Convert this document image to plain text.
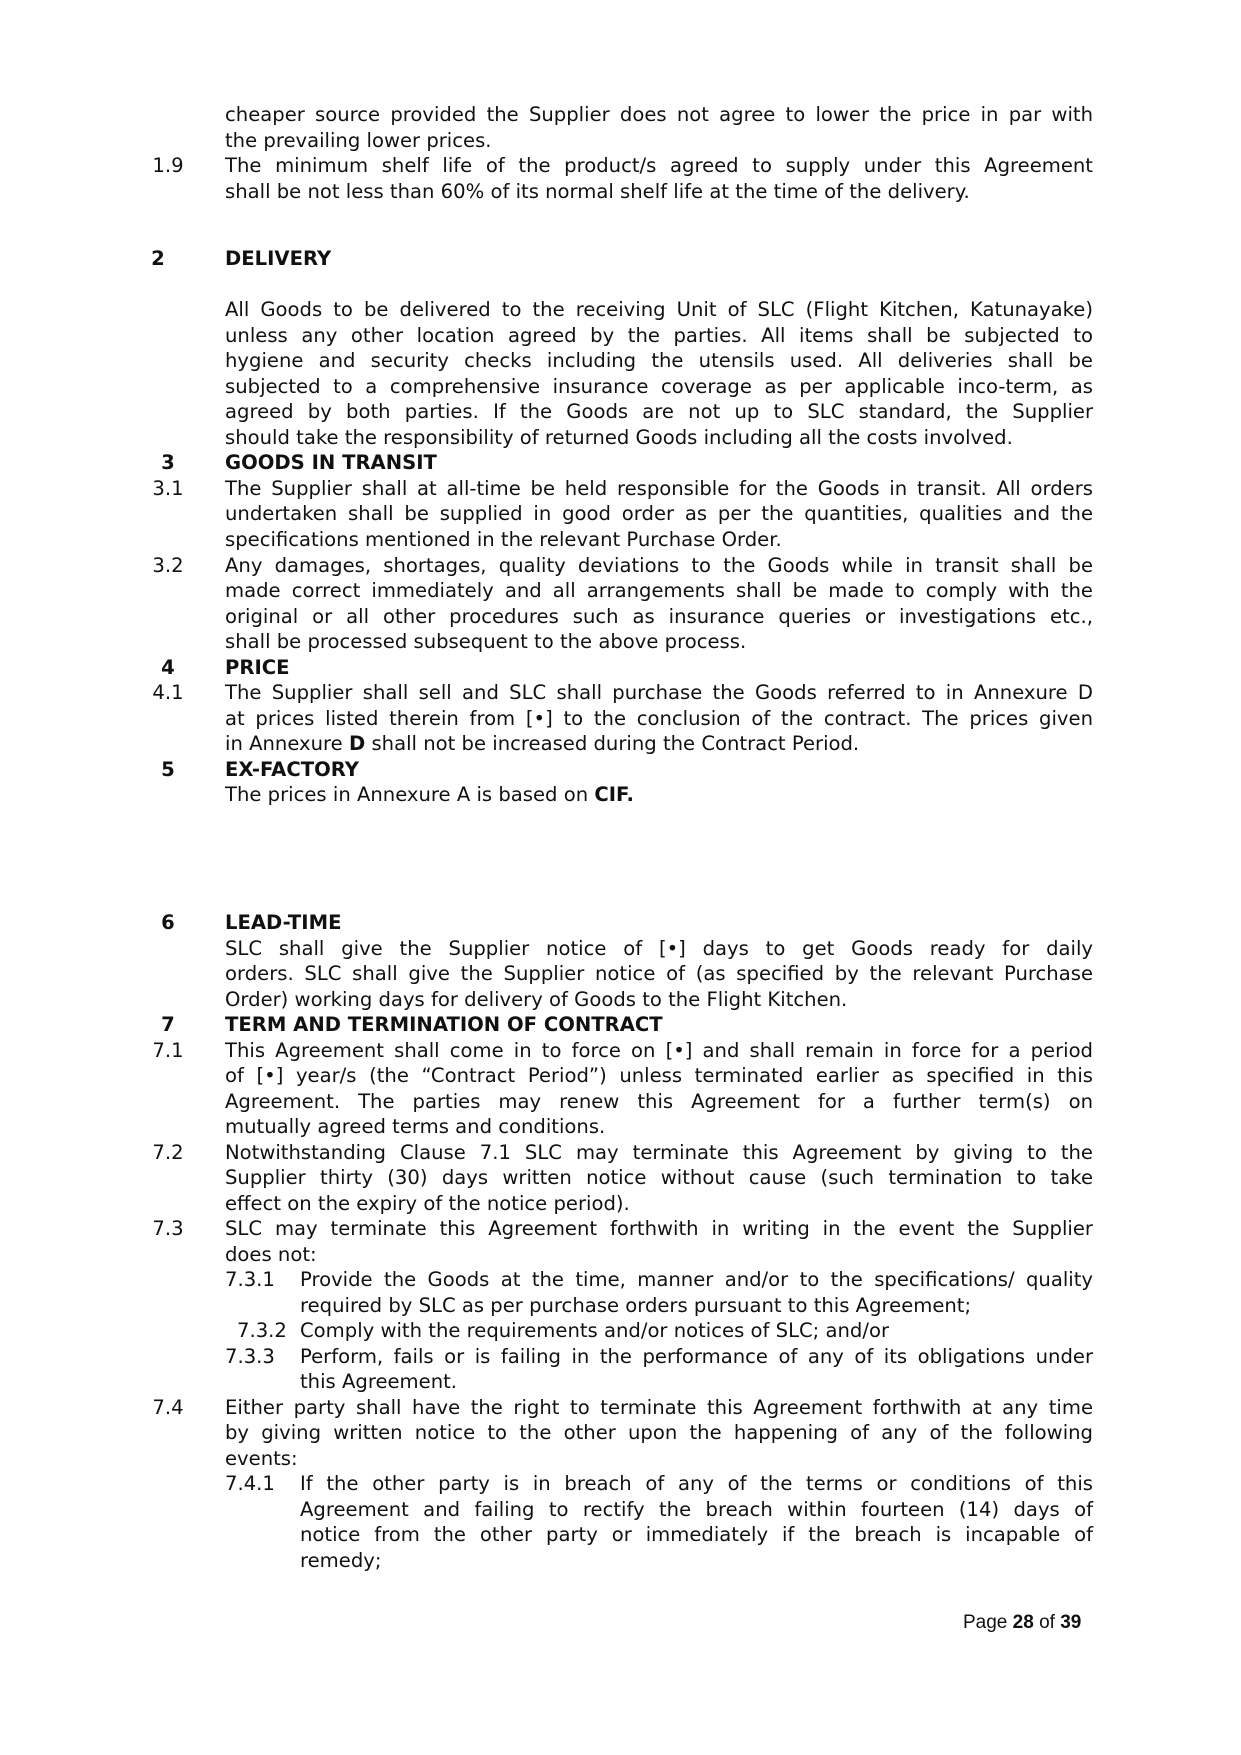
cheaper source provided the Supplier does not agree to lower the price in par with

the prevailing lower prices.

1.9	The minimum shelf life of the product/s agreed to supply under this Agreement

shall be not less than 60% of its normal shelf life at the time of the delivery.

2	DELIVERY

All Goods to be delivered to the receiving Unit of SLC (Flight Kitchen, Katunayake)

unless any other location agreed by the parties. All items shall be subjected to

hygiene and security checks including the utensils used. All deliveries shall be

subjected to a comprehensive insurance coverage as per applicable inco-term, as

agreed by both parties. If the Goods are not up to SLC standard, the Supplier

should take the responsibility of returned Goods including all the costs involved.

3	GOODS IN TRANSIT

3.1	The Supplier shall at all-time be held responsible for the Goods in transit. All orders

undertaken shall be supplied in good order as per the quantities, qualities and the

specifications mentioned in the relevant Purchase Order.

3.2	Any damages, shortages, quality deviations to the Goods while in transit shall be

made correct immediately and all arrangements shall be made to comply with the

original or all other procedures such as insurance queries or investigations etc.,

shall be processed subsequent to the above process.

4	PRICE

4.1	The Supplier shall sell and SLC shall purchase the Goods referred to in Annexure D

at prices listed therein from [•] to the conclusion of the contract. The prices given

in Annexure D shall not be increased during the Contract Period.

5	EX-FACTORY

The prices in Annexure A is based on CIF.

6	LEAD-TIME

SLC shall give the Supplier notice of [•] days to get Goods ready for daily

orders. SLC shall give the Supplier notice of (as specified by the relevant Purchase

Order) working days for delivery of Goods to the Flight Kitchen.

7	TERM AND TERMINATION OF CONTRACT

7.1	This Agreement shall come in to force on [•] and shall remain in force for a period

of [•] year/s (the “Contract Period”) unless terminated earlier as specified in this

Agreement. The parties may renew this Agreement for a further term(s) on

mutually agreed terms and conditions.

7.2	Notwithstanding Clause 7.1 SLC may terminate this Agreement by giving to the

Supplier thirty (30) days written notice without cause (such termination to take

effect on the expiry of the notice period).

7.3	SLC may terminate this Agreement forthwith in writing in the event the Supplier

does not:

7.3.1 Provide the Goods at the time, manner and/or to the specifications/ quality

required by SLC as per purchase orders pursuant to this Agreement;

7.3.2 Comply with the requirements and/or notices of SLC; and/or

7.3.3 Perform, fails or is failing in the performance of any of its obligations under

this Agreement.

7.4	Either party shall have the right to terminate this Agreement forthwith at any time

by giving written notice to the other upon the happening of any of the following

events:

7.4.1 If the other party is in breach of any of the terms or conditions of this

Agreement and failing to rectify the breach within fourteen (14) days of

notice from the other party or immediately if the breach is incapable of

remedy;

Page 28 of 39
